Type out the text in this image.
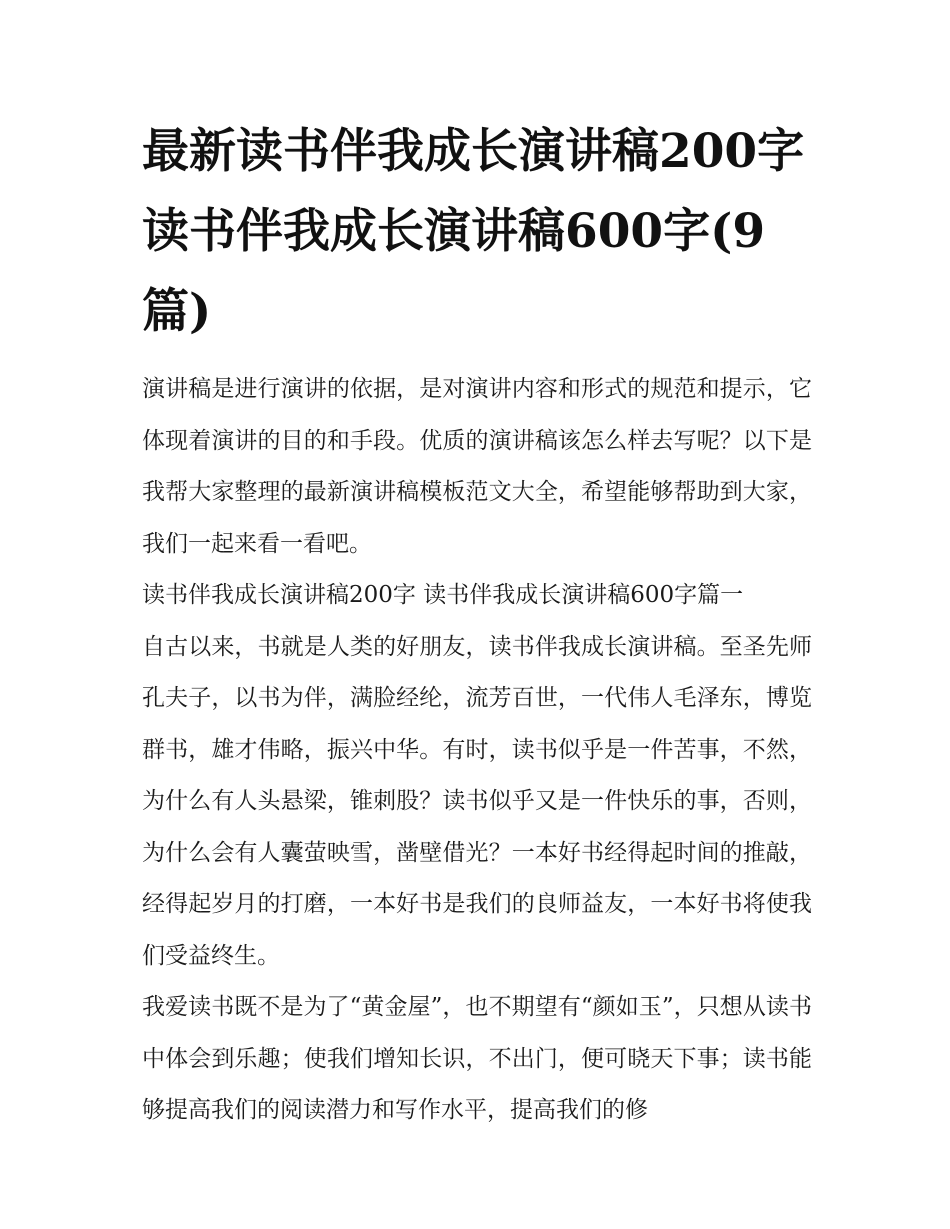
最新读书伴我成长演讲稿200字 读书伴我成长演讲稿600字(9篇)

演讲稿是进行演讲的依据，是对演讲内容和形式的规范和提示，它体现着演讲的目的和手段。优质的演讲稿该怎么样去写呢？以下是我帮大家整理的最新演讲稿模板范文大全，希望能够帮助到大家，我们一起来看一看吧。

读书伴我成长演讲稿200字 读书伴我成长演讲稿600字篇一

自古以来，书就是人类的好朋友，读书伴我成长演讲稿。至圣先师孔夫子，以书为伴，满脸经纶，流芳百世，一代伟人毛泽东，博览群书，雄才伟略，振兴中华。有时，读书似乎是一件苦事，不然，为什么有人头悬梁，锥刺股？读书似乎又是一件快乐的事，否则，为什么会有人囊萤映雪，凿壁借光？一本好书经得起时间的推敲，经得起岁月的打磨，一本好书是我们的良师益友，一本好书将使我们受益终生。

我爱读书既不是为了“黄金屋”，也不期望有“颜如玉”，只想从读书中体会到乐趣；使我们增知长识，不出门，便可晓天下事；读书能够提高我们的阅读潜力和写作水平，提高我们的修
